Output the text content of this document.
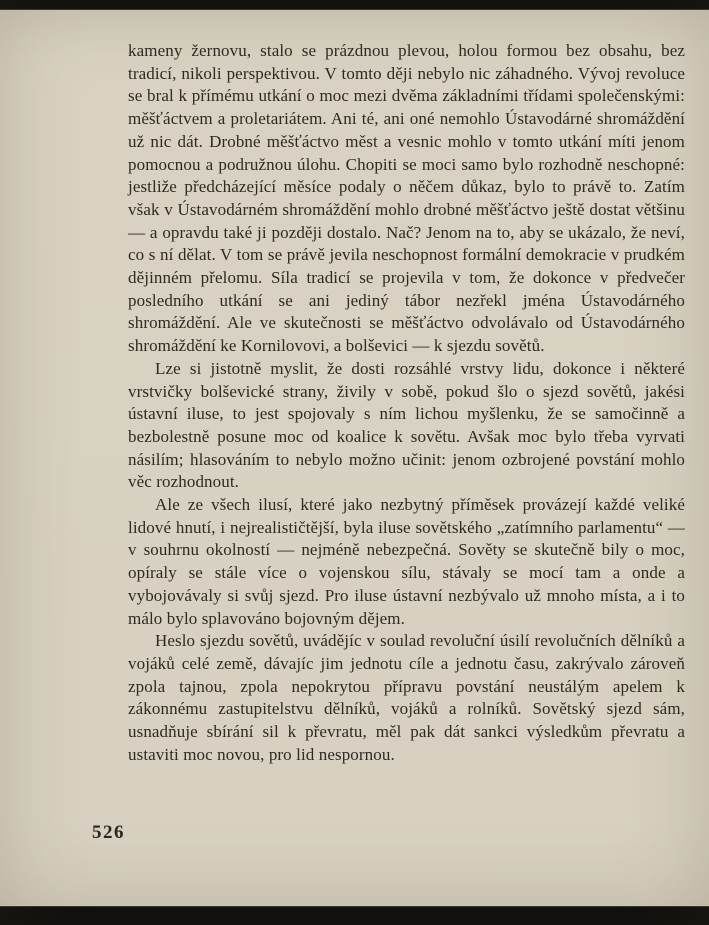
kameny žernovu, stalo se prázdnou plevou, holou formou bez obsahu, bez tradicí, nikoli perspektivou. V tomto ději nebylo nic záhadného. Vývoj revoluce se bral k přímému utkání o moc mezi dvěma základními třídami společenskými: měšťáctvem a proletariátem. Ani té, ani oné nemohlo Ústavodárné shromáždění už nic dát. Drobné měšťáctvo měst a vesnic mohlo v tomto utkání míti jenom pomocnou a podružnou úlohu. Chopiti se moci samo bylo rozhodně neschopné: jestliže předcházející měsíce podaly o něčem důkaz, bylo to právě to. Zatím však v Ústavodárném shromáždění mohlo drobné měšťáctvo ještě dostat většinu — a opravdu také ji později dostalo. Nač? Jenom na to, aby se ukázalo, že neví, co s ní dělat. V tom se právě jevila neschopnost formální demokracie v prudkém dějinném přelomu. Síla tradicí se projevila v tom, že dokonce v předvečer posledního utkání se ani jediný tábor nezřekl jména Ústavodárného shromáždění. Ale ve skutečnosti se měšťáctvo odvolávalo od Ústavodárného shromáždění ke Kornilovovi, a bolševici — k sjezdu sovětů.

Lze si jistotně myslit, že dosti rozsáhlé vrstvy lidu, dokonce i některé vrstvičky bolševické strany, živily v sobě, pokud šlo o sjezd sovětů, jakési ústavní iluse, to jest spojovaly s ním lichou myšlenku, že se samočinně a bezbolestně posune moc od koalice k sovětu. Avšak moc bylo třeba vyrvati násilím; hlasováním to nebylo možno učinit: jenom ozbrojené povstání mohlo věc rozhodnout.

Ale ze všech ilusí, které jako nezbytný příměsek provázejí každé veliké lidové hnutí, i nejrealističtější, byla iluse sovětského „zatímního parlamentu“ — v souhrnu okolností — nejméně nebezpečná. Sověty se skutečně bily o moc, opíraly se stále více o vojenskou sílu, stávaly se mocí tam a onde a vybojovávaly si svůj sjezd. Pro iluse ústavní nezbývalo už mnoho místa, a i to málo bylo splavováno bojovným dějem.

Heslo sjezdu sovětů, uvádějíc v soulad revoluční úsilí revolučních dělníků a vojáků celé země, dávajíc jim jednotu cíle a jednotu času, zakrývalo zároveň zpola tajnou, zpola nepokrytou přípravu povstání neustálým apelem k zákonnému zastupitelstvu dělníků, vojáků a rolníků. Sovětský sjezd sám, usnadňuje sbírání sil k převratu, měl pak dát sankci výsledkům převratu a ustaviti moc novou, pro lid nespornou.

526
